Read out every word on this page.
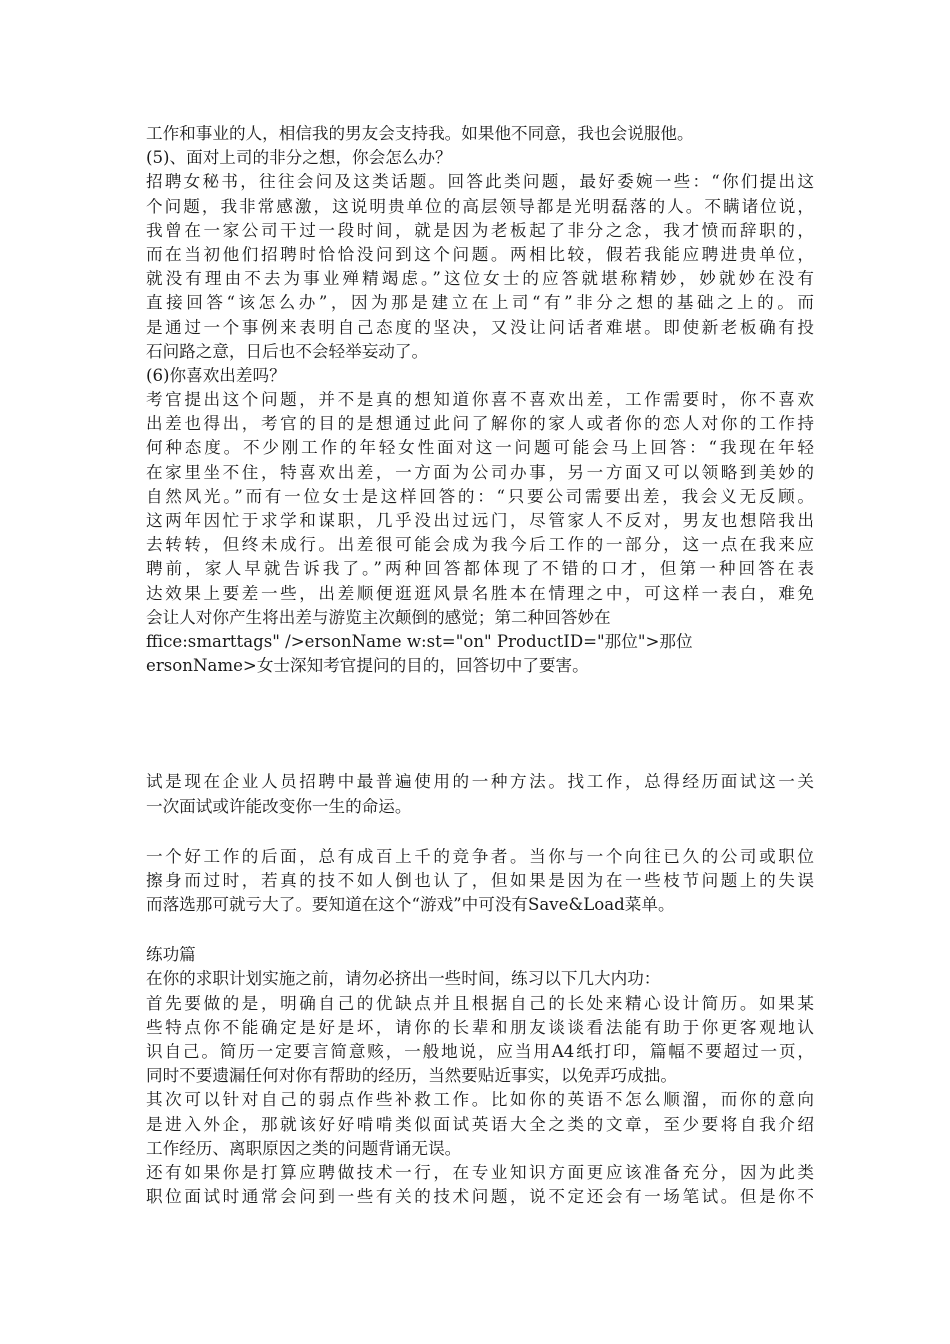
工作和事业的人，相信我的男友会支持我。如果他不同意，我也会说服他。
(5)、面对上司的非分之想，你会怎么办？
招聘女秘书，往往会问及这类话题。回答此类问题，最好委婉一些：“你们提出这
个问题，我非常感激，这说明贵单位的高层领导都是光明磊落的人。不瞒诸位说，
我曾在一家公司干过一段时间，就是因为老板起了非分之念，我才愤而辞职的，
而在当初他们招聘时恰恰没问到这个问题。两相比较，假若我能应聘进贵单位，
就没有理由不去为事业殚精竭虑。”这位女士的应答就堪称精妙，妙就妙在没有
直接回答“该怎么办”，因为那是建立在上司“有”非分之想的基础之上的。而
是通过一个事例来表明自己态度的坚决，又没让问话者难堪。即使新老板确有投
石问路之意，日后也不会轻举妄动了。
(6)你喜欢出差吗？
考官提出这个问题，并不是真的想知道你喜不喜欢出差，工作需要时，你不喜欢
出差也得出，考官的目的是想通过此问了解你的家人或者你的恋人对你的工作持
何种态度。不少刚工作的年轻女性面对这一问题可能会马上回答：“我现在年轻
在家里坐不住，特喜欢出差，一方面为公司办事，另一方面又可以领略到美妙的
自然风光。”而有一位女士是这样回答的：“只要公司需要出差，我会义无反顾。
这两年因忙于求学和谋职，几乎没出过远门，尽管家人不反对，男友也想陪我出
去转转，但终未成行。出差很可能会成为我今后工作的一部分，这一点在我来应
聘前，家人早就告诉我了。”两种回答都体现了不错的口才，但第一种回答在表
达效果上要差一些，出差顺便逛逛风景名胜本在情理之中，可这样一表白，难免
会让人对你产生将出差与游览主次颠倒的感觉；第二种回答妙在
ffice:smarttags" />ersonName w:st="on" ProductID="那位">那位
ersonName>女士深知考官提问的目的，回答切中了要害。
试是现在企业人员招聘中最普遍使用的一种方法。找工作，总得经历面试这一关
一次面试或许能改变你一生的命运。
一个好工作的后面，总有成百上千的竞争者。当你与一个向往已久的公司或职位
擦身而过时，若真的技不如人倒也认了，但如果是因为在一些枝节问题上的失误
而落选那可就亏大了。要知道在这个“游戏”中可没有Save&Load菜单。
练功篇
在你的求职计划实施之前，请勿必挤出一些时间，练习以下几大内功：
首先要做的是，明确自己的优缺点并且根据自己的长处来精心设计简历。如果某
些特点你不能确定是好是坏，请你的长辈和朋友谈谈看法能有助于你更客观地认
识自己。简历一定要言简意赅，一般地说，应当用A4纸打印，篇幅不要超过一页，
同时不要遗漏任何对你有帮助的经历，当然要贴近事实，以免弄巧成拙。
其次可以针对自己的弱点作些补救工作。比如你的英语不怎么顺溜，而你的意向
是进入外企，那就该好好啃啃类似面试英语大全之类的文章，至少要将自我介绍
工作经历、离职原因之类的问题背诵无误。
还有如果你是打算应聘做技术一行，在专业知识方面更应该准备充分，因为此类
职位面试时通常会问到一些有关的技术问题，说不定还会有一场笔试。但是你不
